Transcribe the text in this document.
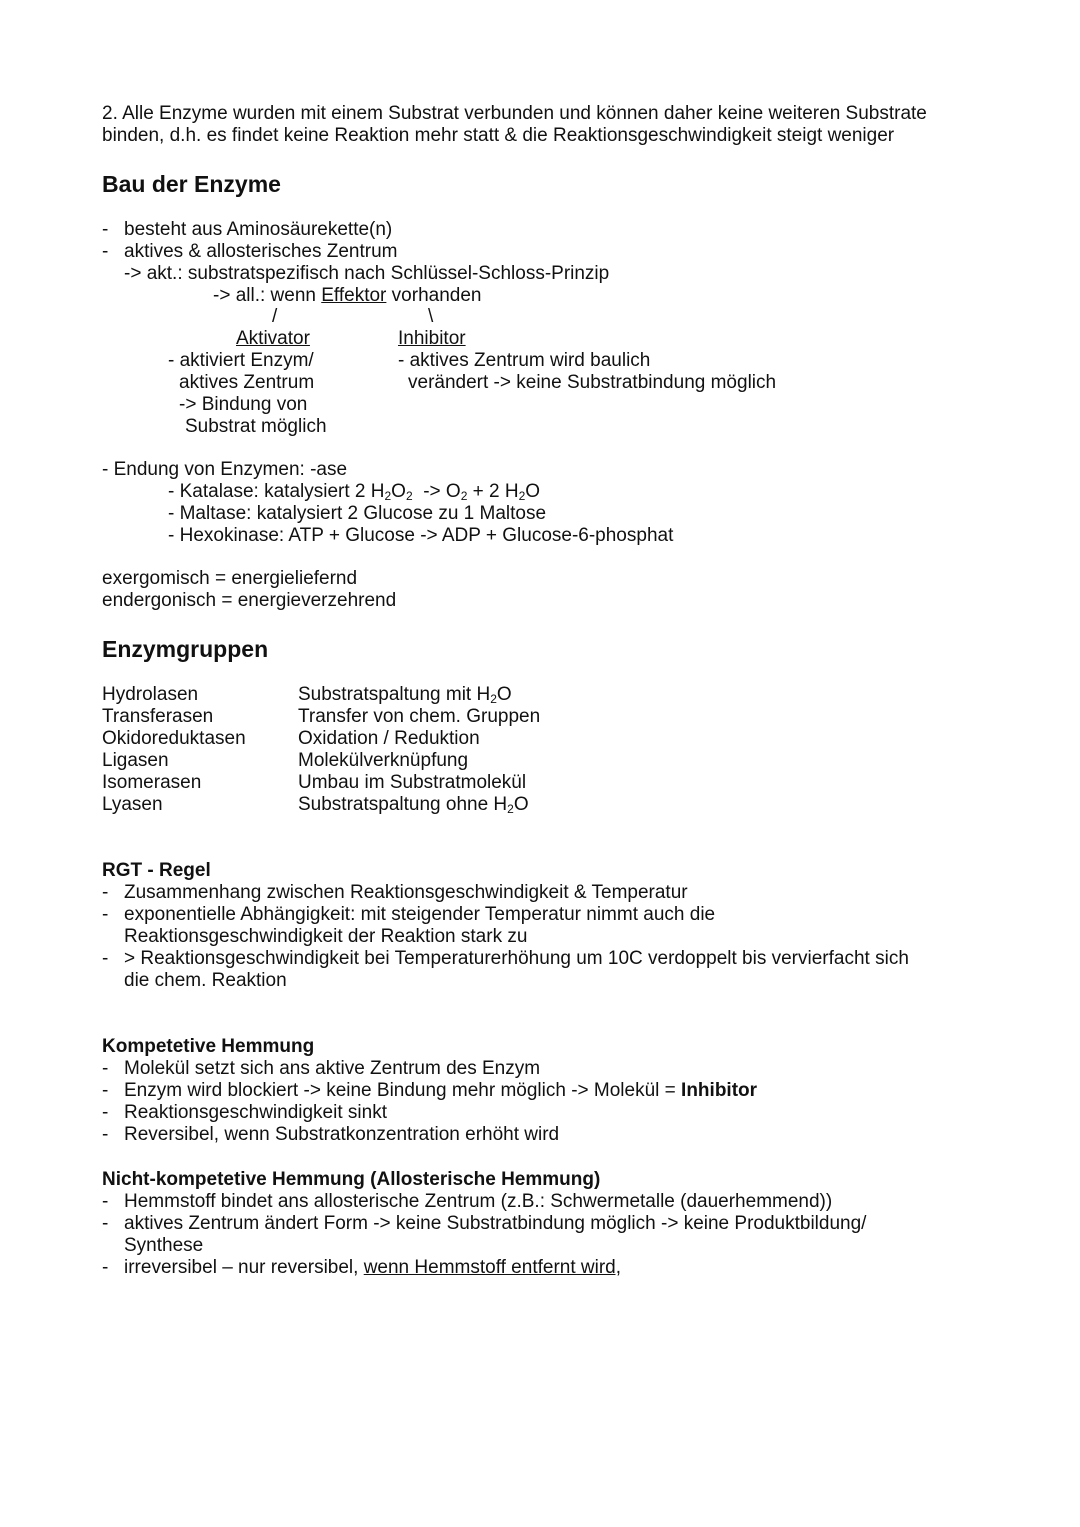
2. Alle Enzyme wurden mit einem Substrat verbunden und können daher keine weiteren Substrate
binden, d.h. es findet keine Reaktion mehr statt & die Reaktionsgeschwindigkeit steigt weniger
Bau der Enzyme
- besteht aus Aminosäurekette(n)
- aktives & allosterisches Zentrum
-> akt.: substratspezifisch nach Schlüssel-Schloss-Prinzip
-> all.: wenn Effektor vorhanden
/	\
Aktivator
- aktiviert Enzym/
aktives Zentrum
-> Bindung von
Substrat möglich
Inhibitor
- aktives Zentrum wird baulich
verändert -> keine Substratbindung möglich
- Endung von Enzymen: -ase
- Katalase: katalysiert 2 $H_2O_2 -> O_2 + 2$ $H_2O$
- Maltase: katalysiert 2 Glucose zu 1 Maltose
- Hexokinase: ATP + Glucose -> ADP + Glucose-6-phosphat
exergomisch = energieliefernd
endergonisch = energieverzehrend
Enzymgruppen
Hydrolasen	Substratspaltung mit $H_2O$
Transferasen	Transfer von chem. Gruppen
Okidoreduktasen	Oxidation / Reduktion
Ligasen	Molekülverknüpfung
Isomerasen	Umbau im Substratmolekül
Lyasen	Substratspaltung ohne $H_2O$
RGT - Regel
- Zusammenhang zwischen Reaktionsgeschwindigkeit & Temperatur
- exponentielle Abhängigkeit: mit steigender Temperatur nimmt auch die
Reaktionsgeschwindigkeit der Reaktion stark zu
- > Reaktionsgeschwindigkeit bei Temperaturerhöhung um 10C verdoppelt bis vervierfacht sich
die chem. Reaktion
Kompetetive Hemmung
- Molekül setzt sich ans aktive Zentrum des Enzym
- Enzym wird blockiert -> keine Bindung mehr möglich -> Molekül = Inhibitor
- Reaktionsgeschwindigkeit sinkt
- Reversibel, wenn Substratkonzentration erhöht wird
Nicht-kompetetive Hemmung (Allosterische Hemmung)
- Hemmstoff bindet ans allosterische Zentrum (z.B.: Schwermetalle (dauerhemmend))
- aktives Zentrum ändert Form -> keine Substratbindung möglich -> keine Produktbildung/
Synthese
- irreversibel – nur reversibel, wenn Hemmstoff entfernt wird,
